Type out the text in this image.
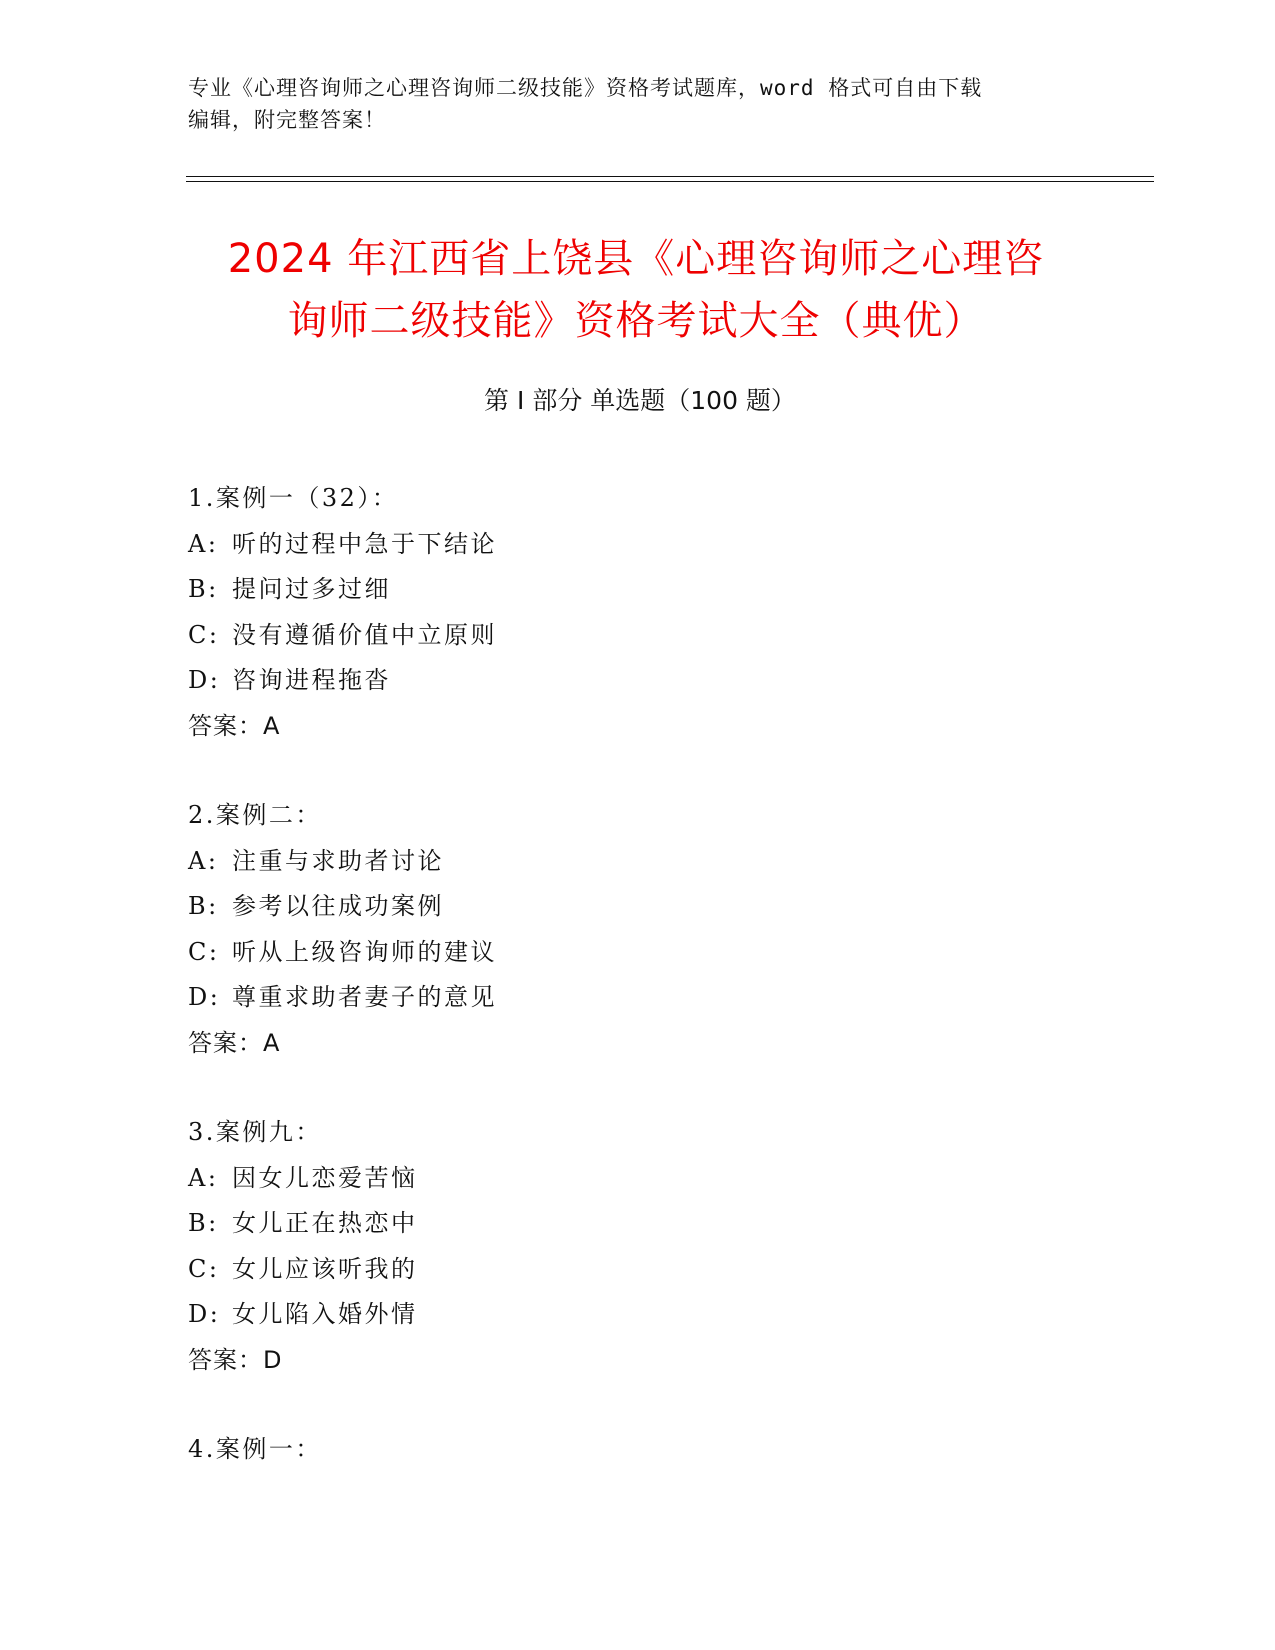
专业《心理咨询师之心理咨询师二级技能》资格考试题库，word 格式可自由下载
编辑，附完整答案！
2024 年江西省上饶县《心理咨询师之心理咨
询师二级技能》资格考试大全（典优）
第 I 部分 单选题（100 题）
1.案例一（32）：
A: 听的过程中急于下结论
B: 提问过多过细
C: 没有遵循价值中立原则
D: 咨询进程拖沓
答案：A
2.案例二：
A: 注重与求助者讨论
B: 参考以往成功案例
C: 听从上级咨询师的建议
D: 尊重求助者妻子的意见
答案：A
3.案例九：
A: 因女儿恋爱苦恼
B: 女儿正在热恋中
C: 女儿应该听我的
D: 女儿陷入婚外情
答案：D
4.案例一：
